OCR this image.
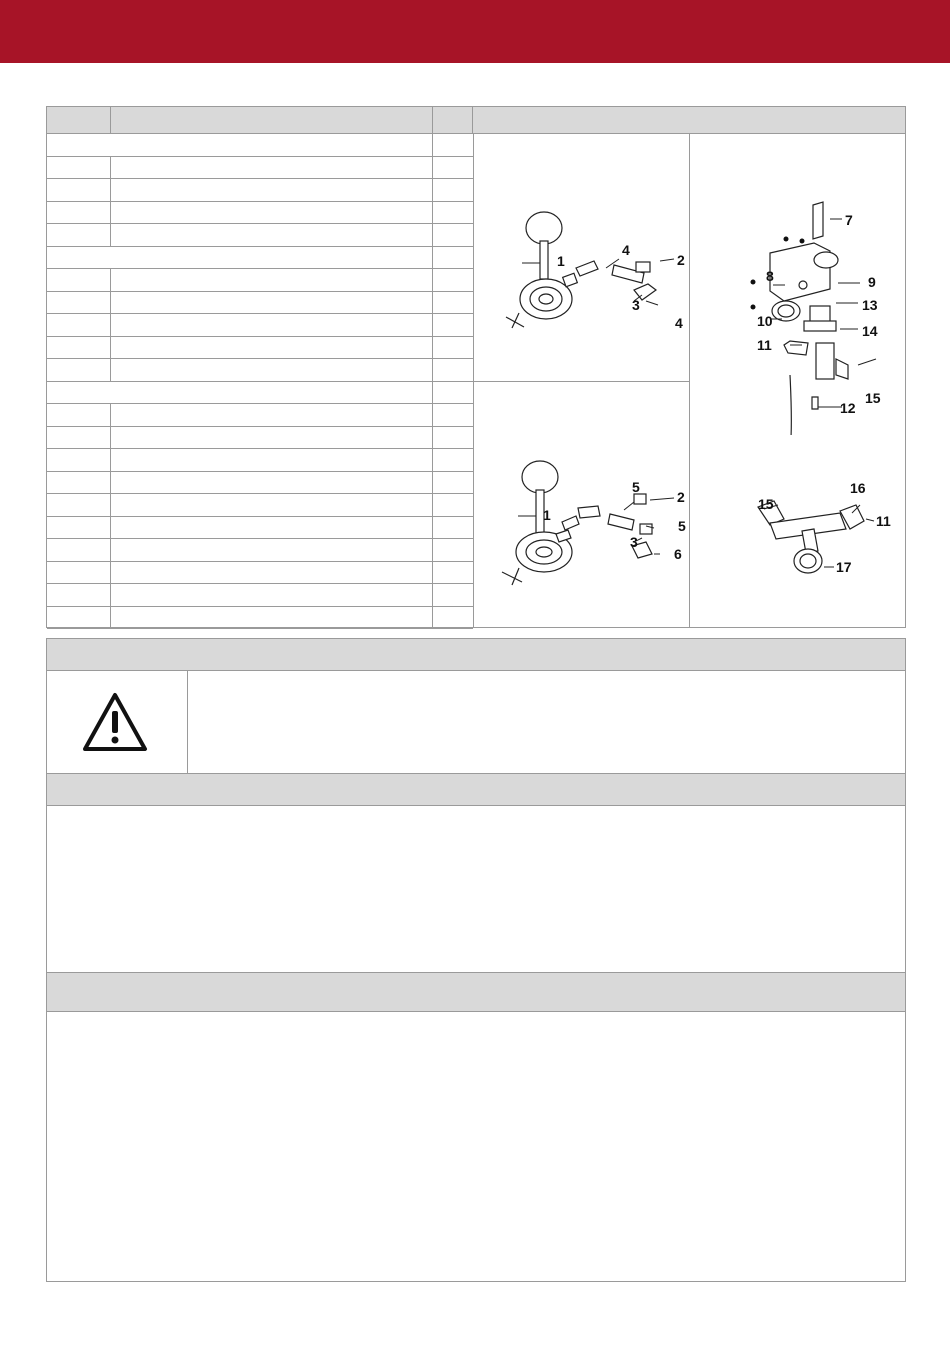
1
4
2
3
4
1
5
2
3
5
6
7
8	9
10
13
11
14
12
15
15
16
11
17
